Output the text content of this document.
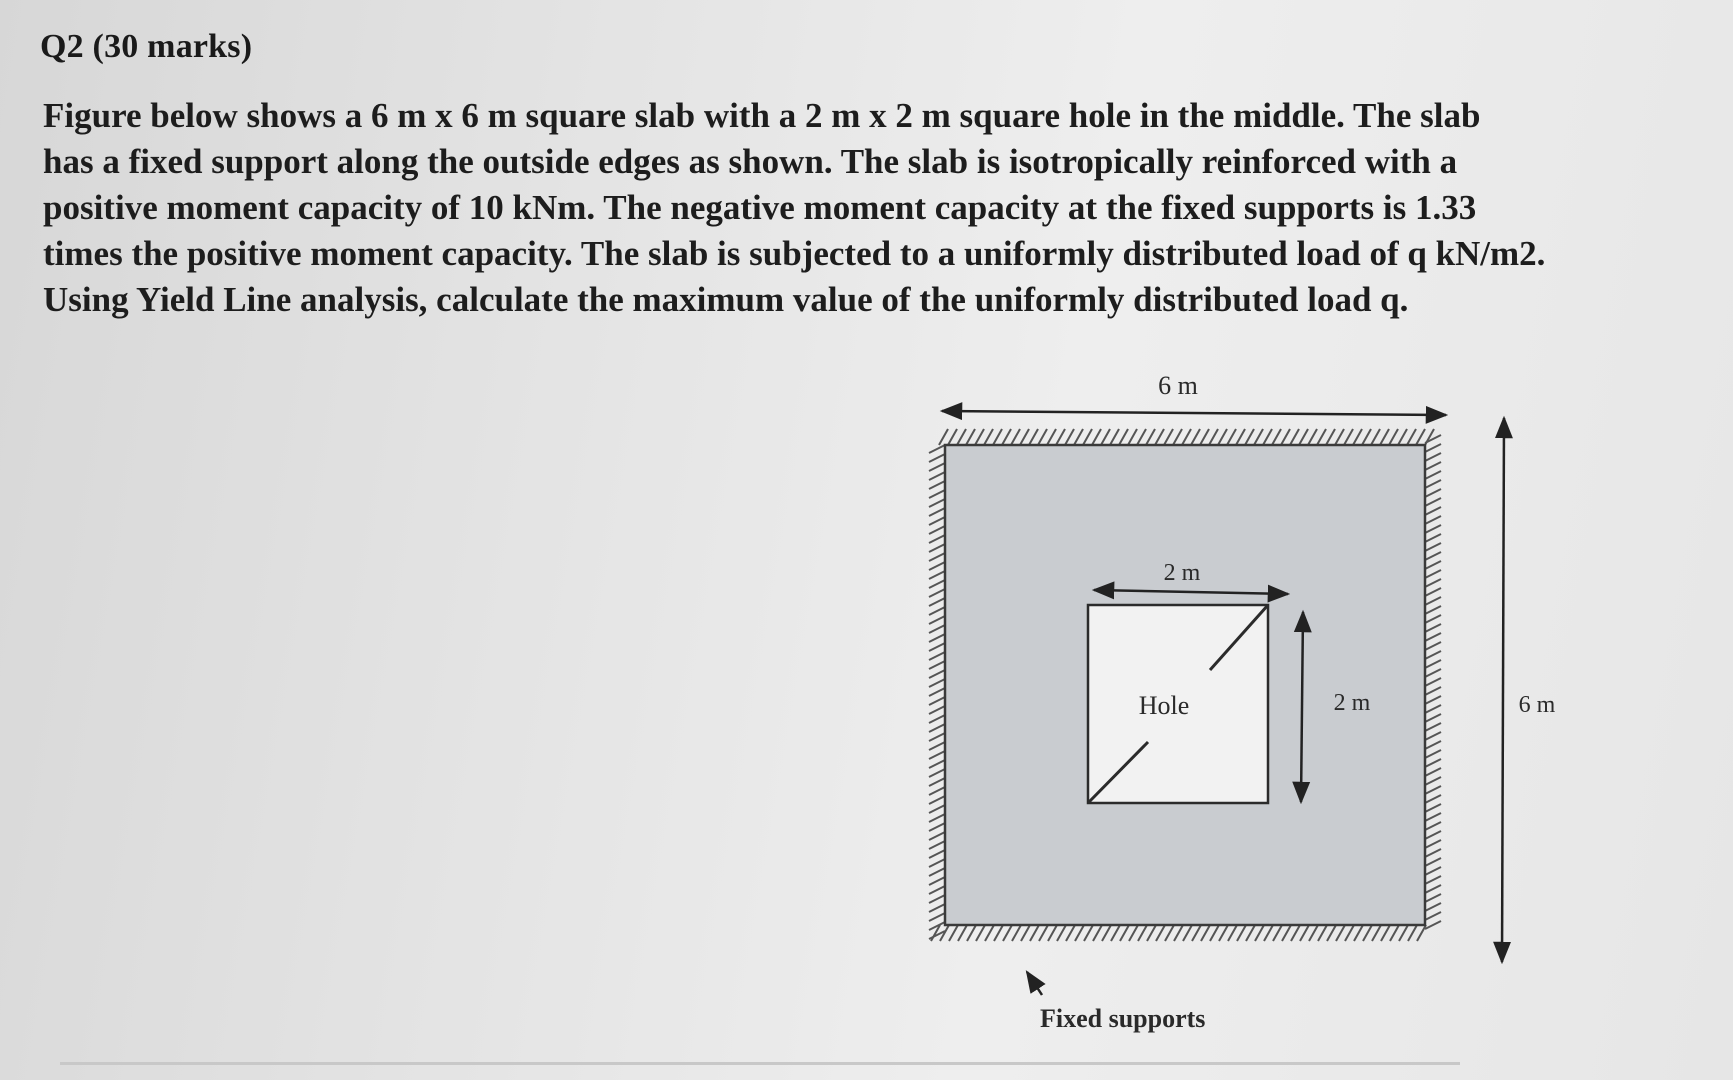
Q2 (30 marks)

Figure below shows a 6 m x 6 m square slab with a 2 m x 2 m square hole in the middle. The slab

has a fixed support along the outside edges as shown. The slab is isotropically reinforced with a

positive moment capacity of 10 kNm. The negative moment capacity at the fixed supports is 1.33

times the positive moment capacity. The slab is subjected to a uniformly distributed load of q kN/m2.

Using Yield Line analysis, calculate the maximum value of the uniformly distributed load q.

6 m
Hole
2 m
2 m	6 m
Fixed supports
